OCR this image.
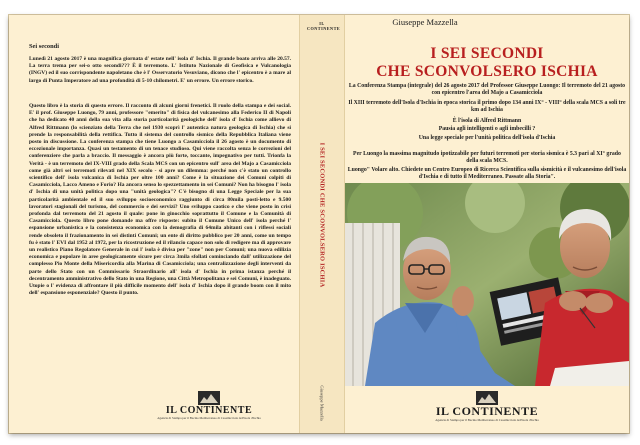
Sei secondi

Lunedì 21 agosto 2017 è una magnifica giornata d' estate nell' isola d' Ischia. Il grande boato arriva alle 20.57. La terra trema per sei-o otto secondi??? È il terremoto. L' Istituto Nazionale di Geofisica e Vulcanologia (INGV) ed il suo corrispondente napoletano che è l' Osservatorio Vesuviano, dicono che l' epicentro è a mare al largo di Punta Imperatore ad una profondità di 5-10 chilometri. E' un errore. Un errore storico.

Questo libro è la storia di questo errore. Il racconto di alcuni giorni frenetici. Il ruolo della stampa e dei social. E' il prof. Giuseppe Luongo, 79 anni, professore "emerito" di fisica del vulcanesimo alla Federico II di Napoli che ha dedicato 40 anni della sua vita alla storia particolarità geologiche dell' isola d' Ischia come allievo di Alfred Rittmann (lo scienziato della Terra che nel 1930 scoprì l' autentica natura geologica di Ischia) che si prende la responsabilità della rettifica. Tutto il sistema del controllo sismico della Repubblica Italiana viene posto in discussione. La conferenza stampa che tiene Luongo a Casamicciola il 26 agosto è un documento di eccezionale importanza. Quasi un testamento di un tenace studioso. Qui viene raccolta senza le correzioni del conferenziere che parla a braccio. Il messaggio è ancora più forte, toccante, impegnativo per tutti. Trionfa la Verità - è un terremoto del IX-VIII grado della Scala MCS con un epicentro sull' area del Majo a Casamicciola come già altri sei terremoti rilevati nel XIX secolo - si apre un dilemma: perché non c'è stato un controllo scientifico dell' isola vulcanica di Ischia per oltre 100 anni? Come è la situazione dei Comuni colpiti di Casamicciola, Lacco Ameno e Forio? Ha ancora senso lo spezzettamento in sei Comuni? Non ha bisogno l' isola d' Ischia di una unità politica dopo una "unità geologica"? C'è bisogno di una Legge Speciale per la sua particolarità ambientale ed il suo sviluppo socioeconomico raggiunto di circa 80mila posti-letto e 9.500 lavoratori stagionali del turismo, del commercio e dei servizi? Uno sviluppo caotico e che viene posto in crisi profonda dal terremoto del 21 agosto il quale: pone in ginocchio soprattutto il Comune e la Comunità di Casamicciola. Questo libro pone domande ma offre risposte: subito il Comune Unico dell' isola perché l' espansione urbanistica e la consistenza economica con la demografia di 64mila abitanti con i riflessi sociali rende obsoleto il frazionamento in sei distinti Comuni; un ente di diritto pubblico per 20 anni, come un tempo fu è stato l' EVI dal 1952 al 1972, per la ricostruzione ed il rilancio capace non solo di redigere ma di approvare un realistico Piano Regolatore Generale in cui l' isola è divisa per "zone" non per Comuni; una nuova edilizia economica e popolare in aree geologicamente sicure per circa 3mila sfollati cominciando dall' utilizzazione del complesso Pio Monte della Misericordia alla Marina di Casamicciola; una centralizzazione degli interventi da parte dello Stato con un Commissario Straordinario all' isola d' Ischia in prima istanza perché il decentramento amministrativo dello Stato in una Regione, una Città Metropolitana e sei Comuni, è inadeguato. Utopie o l' evidenza di affrontare il più difficile momento dell' isola d' Ischia dopo il grande boom con il mito dell' espansione esponenziale? Questo il punto.

IL CONTINENTE
Agenzia di Stampa per il Bacino Mediterraneo di Casamicciola dell'isola d'Ischia
IL CONTINENTE
I SEI SECONDI CHE SCONVOLSERO ISCHIA
Giuseppe Mazzella
Giuseppe Mazzella
I SEI SECONDI
CHE SCONVOLSERO ISCHIA

La Conferenza Stampa (integrale) del 26 agosto 2017 del Professor Giuseppe Luongo: Il terremoto del 21 agosto con epicentro l'area del Majo a Casamicciola

Il XIII terremoto dell'Isola d'Ischia in epoca storica il primo dopo 134 anni IX° - VIII° della scala MCS a soli tre km ad Ischia

È l'isola di Alfred Rittmann

Pausia agli intelligenti o agli imbecilli ?

Una legge speciale per l'unità politica dell'isola d'Ischia

Per Luongo la massima magnitudo ipotizzabile per futuri terremoti per storia sismica è 5.3 pari al XI° grado della scala MCS.

Luongo" Volare alto. Chiedete un Centro Europeo di Ricerca Scientifica sulla sismicità e il vulcanesimo dell'isola d'Ischia e di tutto il Mediterraneo. Passate alla Storia".

IL CONTINENTE
Agenzia di Stampa per il Bacino Mediterraneo di Casamicciola dell'isola d'Ischia
